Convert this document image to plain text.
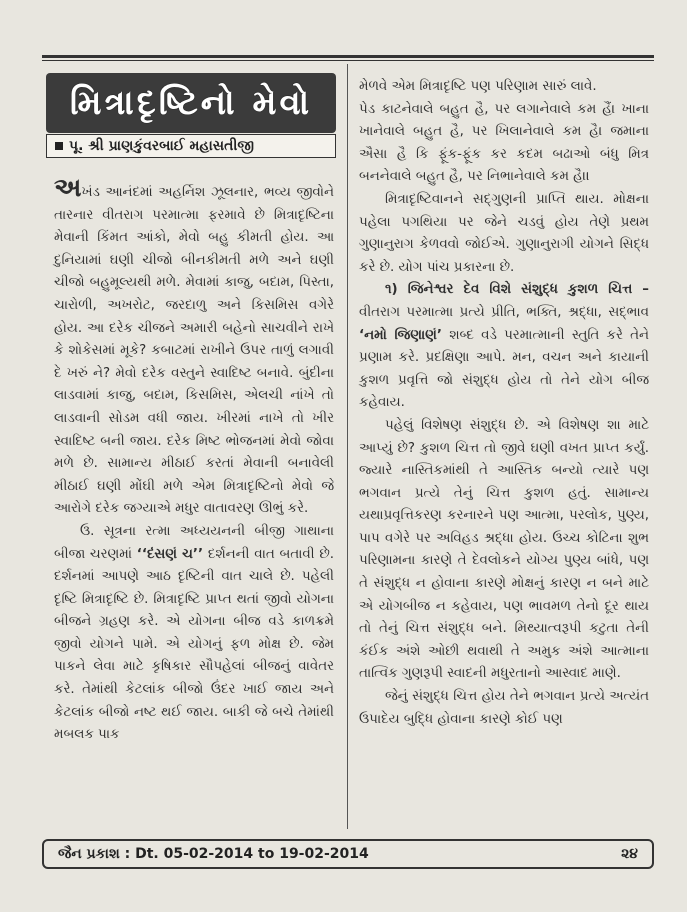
મિત્રાદૃષ્ટિનો મેવો
પૂ. શ્રી પ્રાણકુંવરબાઈ મહાસતીજી

અખંડ આનંદમાં અહર્નિશ ઝૂલનાર, ભવ્ય જીવોને તારનાર વીતરાગ પરમાત્મા ફરમાવે છે મિત્રાદૃષ્ટિના મેવાની કિંમત આંકો, મેવો બહુ કીમતી હોય. આ દુનિયામાં ઘણી ચીજો બીનકીમતી મળે અને ઘણી ચીજો બહુમૂલ્યથી મળે. મેવામાં કાજુ, બદામ, પિસ્તા, ચારોળી, અખરોટ, જરદાળુ અને કિસમિસ વગેરે હોય. આ દરેક ચીજને અમારી બહેનો સાચવીને રાખે કે શોકેસમાં મૂકે? કબાટમાં રાખીને ઉપર તાળું લગાવી દે ખરું ને? મેવો દરેક વસ્તુને સ્વાદિષ્ટ બનાવે. બુંદીના લાડવામાં કાજુ, બદામ, કિસમિસ, એલચી નાંખે તો લાડવાની સોડમ વધી જાય. ખીરમાં નાખે તો ખીર સ્વાદિષ્ટ બની જાય. દરેક મિષ્ટ ભોજનમાં મેવો જોવા મળે છે. સામાન્ય મીઠાઈ કરતાં મેવાની બનાવેલી મીઠાઈ ઘણી મોંઘી મળે એમ મિત્રાદૃષ્ટિનો મેવો જે આરોગે દરેક જગ્યાએ મધુર વાતાવરણ ઊભું કરે.

ઉ. સૂત્રના રત્મા અધ્યયનની બીજી ગાથાના બીજા ચરણમાં ‘‘દંસણં ચ’’ દર્શનની વાત બતાવી છે. દર્શનમાં આપણે આઠ દૃષ્ટિની વાત ચાલે છે. પહેલી દૃષ્ટિ મિત્રાદૃષ્ટિ છે. મિત્રાદૃષ્ટિ પ્રાપ્ત થતાં જીવો યોગના બીજને ગ્રહણ કરે. એ યોગના બીજ વડે કાળક્રમે જીવો યોગને પામે. એ યોગનું ફળ મોક્ષ છે. જેમ પાકને લેવા માટે કૃષિકાર સૌપહેલાં બીજનું વાવેતર કરે. તેમાંથી કેટલાંક બીજો ઉંદર ખાઈ જાય અને કેટલાંક બીજો નષ્ટ થઈ જાય. બાકી જે બચે તેમાંથી મબલક પાક

મેળવે એમ મિત્રાદૃષ્ટિ પણ પરિણામ સારું લાવે.

પેડ કાટનેવાલે બહુત હૈ, પર લગાનેવાલે કમ હૈં। ખાના ખાનેવાલે બહુત હૈ, પર ખિલાનેવાલે કમ હૈ। જમાના ઐસા હૈ કિ ફૂંક-ફૂંક કર કદમ બઢાઓ બંધુ મિત્ર બનનેવાલે બહુત હૈ, પર નિભાનેવાલે કમ હૈ।।

મિત્રાદૃષ્ટિવાનને સદ્‌ગુણની પ્રાપ્તિ થાય. મોક્ષના પહેલા પગથિયા પર જેને ચડવું હોય તેણે પ્રથમ ગુણાનુરાગ કેળવવો જોઈએ. ગુણાનુરાગી યોગને સિદ્ધ કરે છે. યોગ પાંચ પ્રકારના છે.

૧) જિનેશ્વર દેવ વિશે સંશુદ્ધ કુશળ ચિત્ત – વીતરાગ પરમાત્મા પ્રત્યે પ્રીતિ, ભક્તિ, શ્રદ્ધા, સદ્‌ભાવ ‘નમો જિણાણં’ શબ્દ વડે પરમાત્માની સ્તુતિ કરે તેને પ્રણામ કરે. પ્રદક્ષિણા આપે. મન, વચન અને કાયાની કુશળ પ્રવૃત્તિ જો સંશુદ્ધ હોય તો તેને યોગ બીજ કહેવાય.

પહેલું વિશેષણ સંશુદ્ધ છે. એ વિશેષણ શા માટે આપ્યું છે? કુશળ ચિત્ત તો જીવે ઘણી વખત પ્રાપ્ત કર્યું. જ્યારે નાસ્તિકમાંથી તે આસ્તિક બન્યો ત્યારે પણ ભગવાન પ્રત્યે તેનું ચિત્ત કુશળ હતું. સામાન્ય યથાપ્રવૃત્તિકરણ કરનારને પણ આત્મા, પરલોક, પુણ્ય, પાપ વગેરે પર અવિહડ શ્રદ્ધા હોય. ઉચ્ચ કોટિના શુભ પરિણામના કારણે તે દેવલોકને યોગ્ય પુણ્ય બાંધે, પણ તે સંશુદ્ધ ન હોવાના કારણે મોક્ષનું કારણ ન બને માટે એ યોગબીજ ન કહેવાય, પણ ભાવમળ તેનો દૂર થાય તો તેનું ચિત્ત સંશુદ્ધ બને. મિથ્યાત્વરૂપી કટુતા તેની કંઈક અંશે ઓછી થવાથી તે અમુક અંશે આત્માના તાત્વિક ગુણરૂપી સ્વાદની મધુરતાનો આસ્વાદ માણે.

જેનું સંશુદ્ધ ચિત્ત હોય તેને ભગવાન પ્રત્યે અત્યંત ઉપાદેય બુદ્ધિ હોવાના કારણે કોઈ પણ

જૈન પ્રકાશ : Dt. 05-02-2014 to 19-02-2014	૨૪
